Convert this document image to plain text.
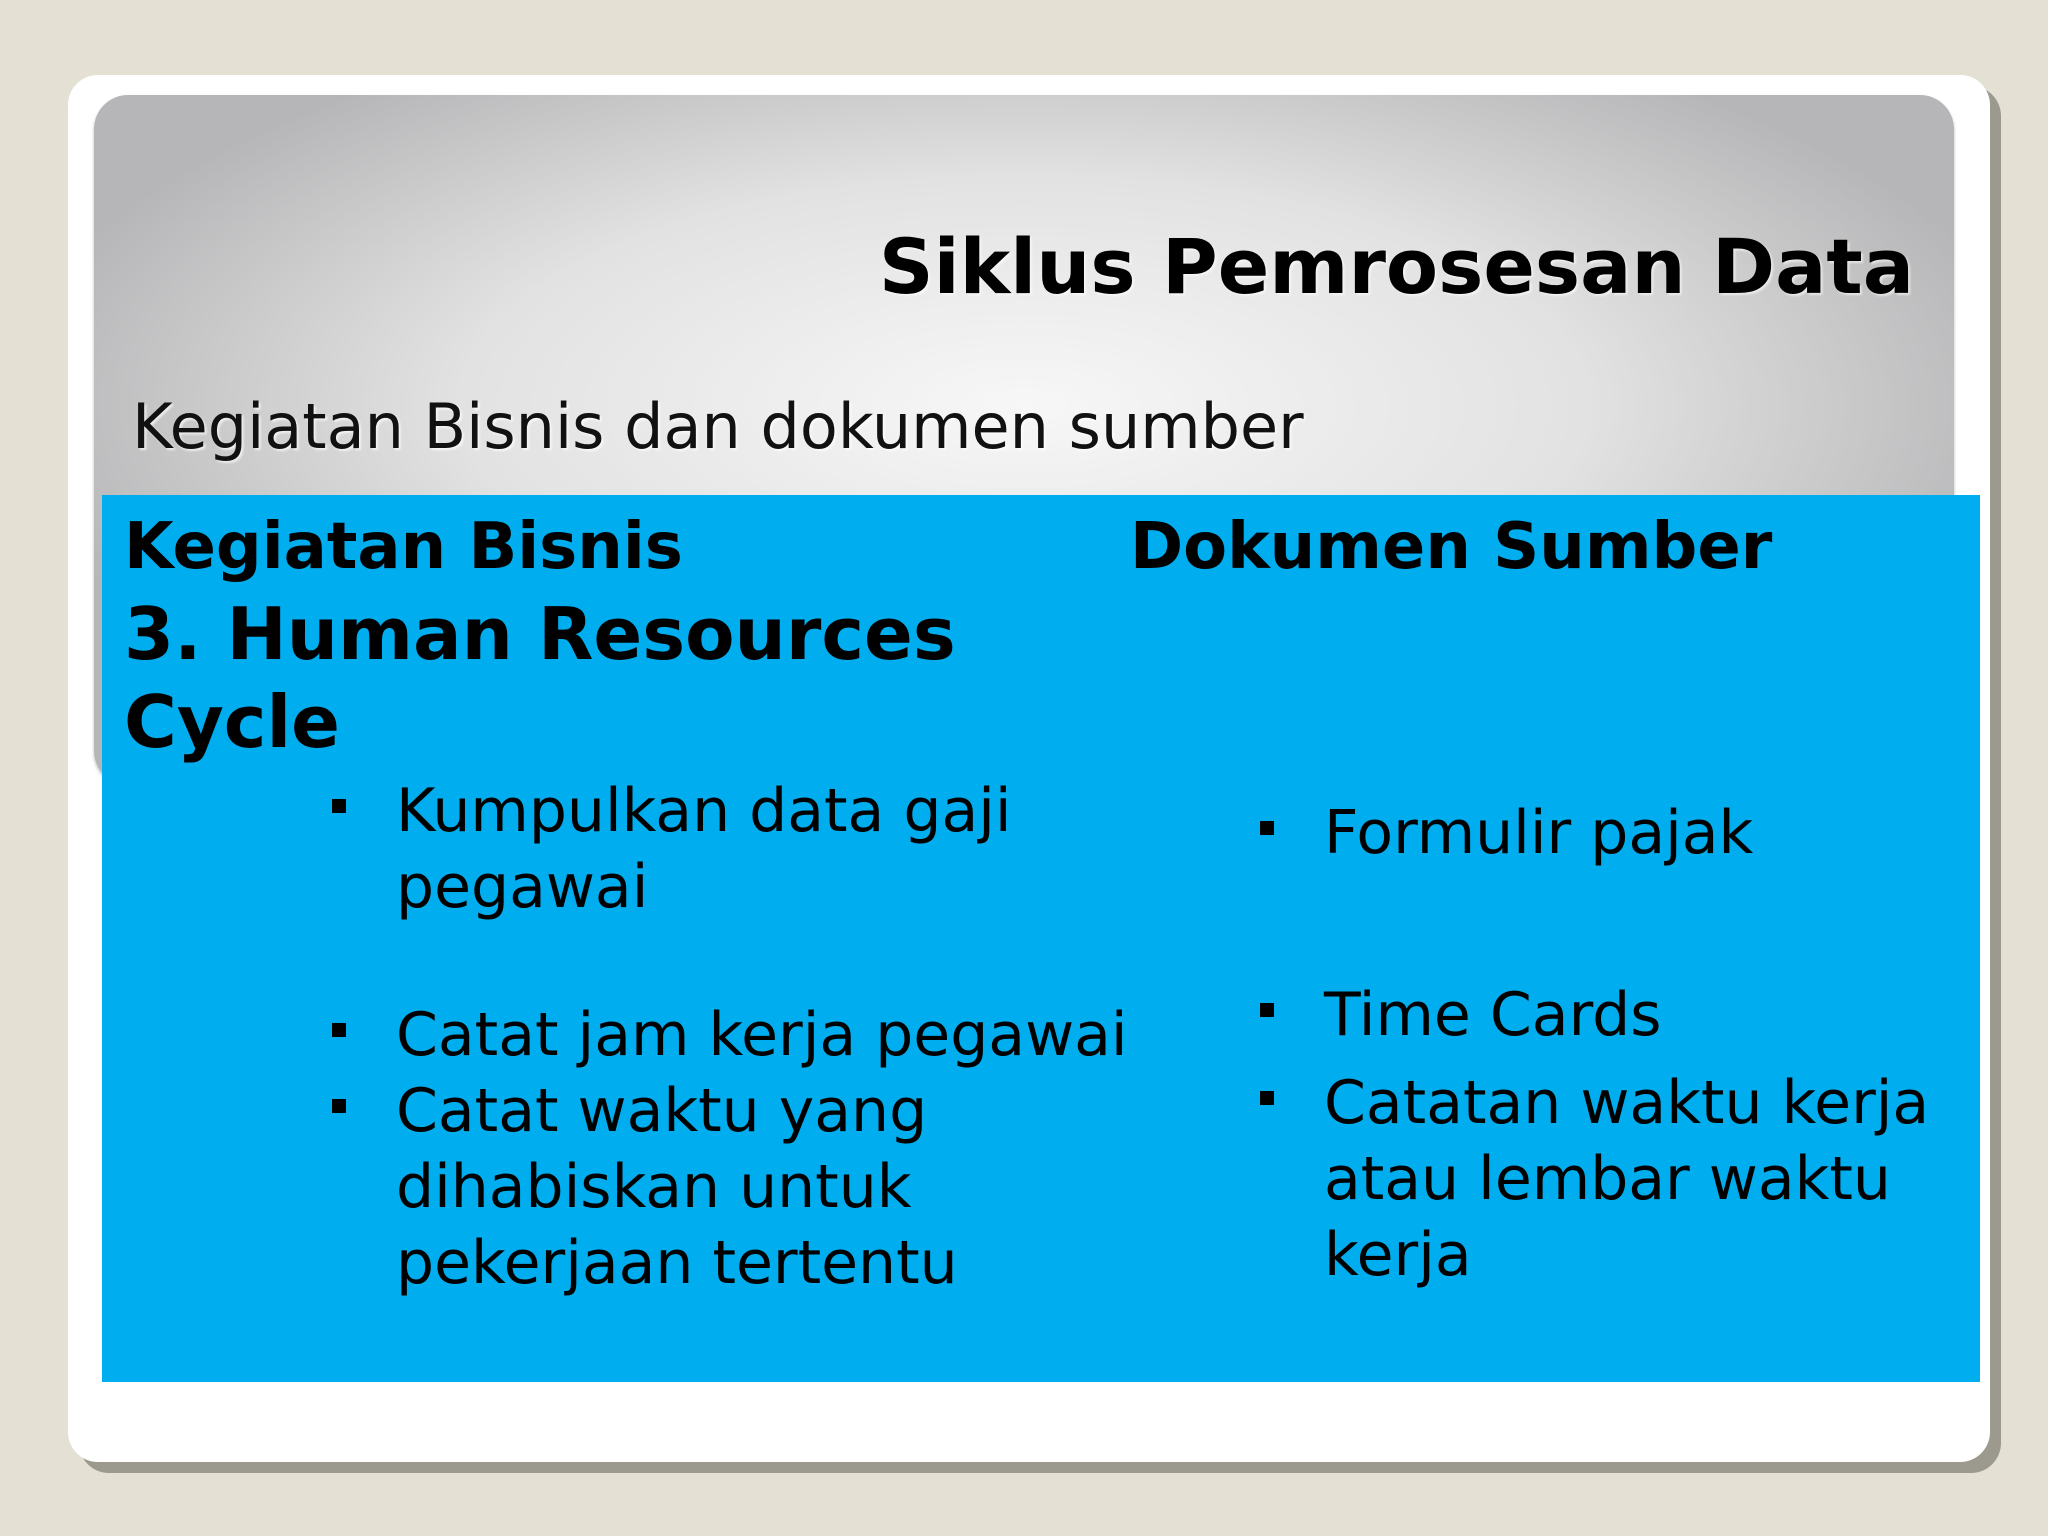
Siklus Pemrosesan Data

Kegiatan Bisnis dan dokumen sumber

Kegiatan Bisnis
3. Human Resources
Cycle
Kumpulkan data gaji
pegawai
Catat jam kerja pegawai
Catat waktu yang
dihabiskan untuk
pekerjaan tertentu
Dokumen Sumber
Formulir pajak
Time Cards
Catatan waktu kerja
atau lembar waktu
kerja
